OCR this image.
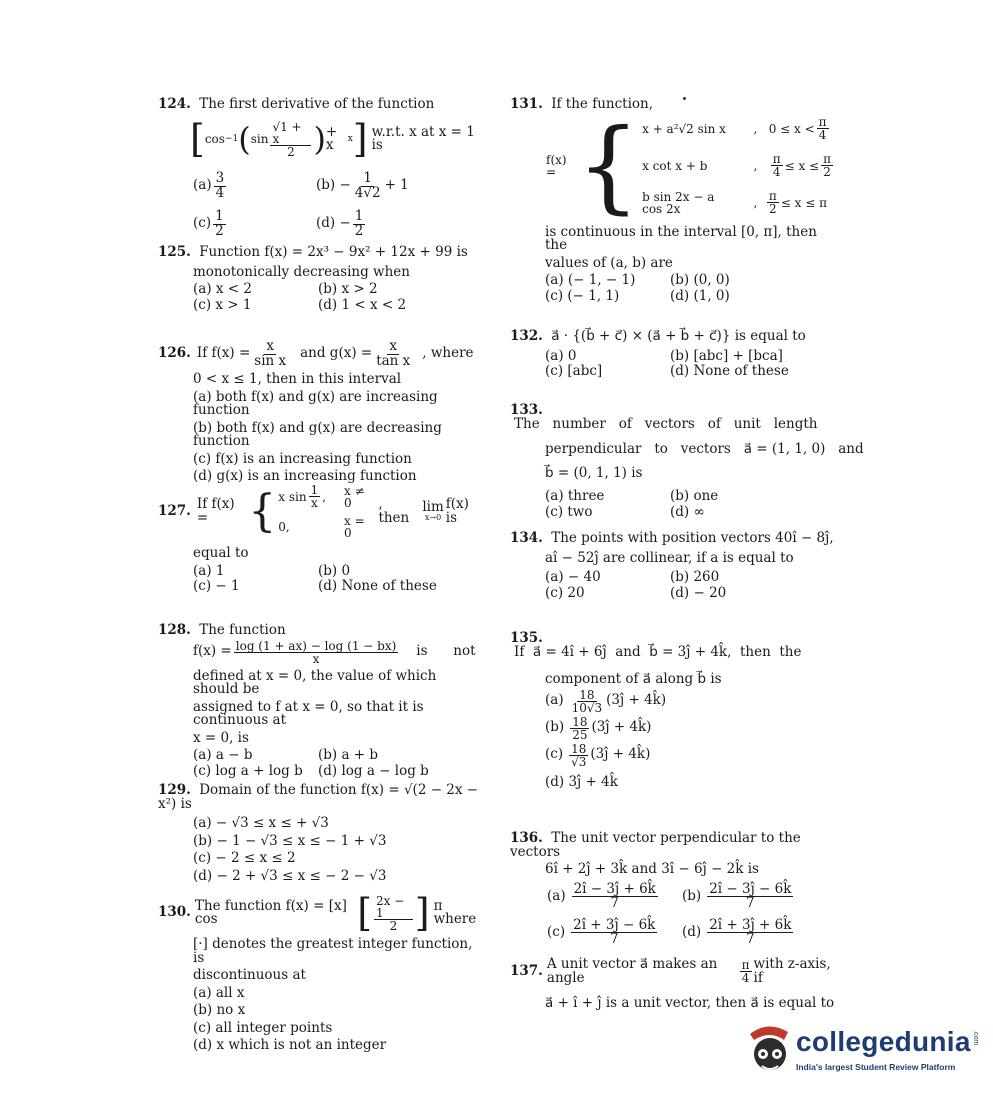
124. The first derivative of the function
[ cos −1 ( $\sin \frac{√1 + x}{2}$ ) + x	x ] w.r.t. x at x = 1 is
$(a) \frac{3}{4}$	$(b) - \frac{1}{4√2} + 1$
$(c) \frac{1}{2}$	$(d) - \frac{1}{2}$
125. Function f(x) = 2x³ − 9x² + 12x + 99 is
monotonically decreasing when
(a) x < 2	(b) x > 2
(c) x > 1	(d) 1 < x < 2
126. If $f(x) = \frac{x}{\text{sin x}}$ and $g(x) = \frac{x}{\text{tan x}}$ , where
0 < x ≤ 1, then in this interval
(a) both f(x) and g(x) are increasing function
(b) both f(x) and g(x) are decreasing function
(c) f(x) is an increasing function
(d) g(x) is an increasing function
127. If f(x) = { x $\sin \frac{1}{x}$ , x ≠ 0
0,	x = 0
, then
lim
x→0
f(x) is
equal to
(a) 1	(b) 0
(c) − 1	(d) None of these
128. The function
$f(x) = \frac{\log (1 + ax) - \log (1 - bx)}{x}$ is      not
defined at x = 0, the value of which should be
assigned to f at x = 0, so that it is continuous at
x = 0, is
(a) a − b	(b) a + b
(c) log a + log b	(d) log a − log b
129. Domain of the function f(x) = √(2 − 2x − x²) is
(a) − √3 ≤ x ≤ + √3
(b) − 1 − √3 ≤ x ≤ − 1 + √3
(c) − 2 ≤ x ≤ 2
(d) − 2 + √3 ≤ x ≤ − 2 − √3
130. The function f(x) = [x] cos	[ $\frac{2x - 1}{2}$ ] π where
[·] denotes the greatest integer function, is
discontinuous at
(a) all x
(b) no x
(c) all integer points
(d) x which is not an integer
131. If the function,
f(x) = { x + a²√2 sin x	, $0 \le x < \frac{\pi}{4}$
x cot x + b	, $\frac{\pi}{4} \le x \le \frac{\pi}{2}$
b sin 2x − a cos 2x	, $\frac{\pi}{2} \le x \le \pi$
is continuous in the interval [0, π], then the
values of (a, b) are
(a) (− 1, − 1)	(b) (0, 0)
(c) (− 1, 1)	(d) (1, 0)
132. a⃗ · {(b⃗ + c⃗) × (a⃗ + b⃗ + c⃗)} is equal to
(a) 0	(b) [abc] + [bca]
(c) [abc]	(d) None of these
133. The   number   of   vectors   of   unit   length
perpendicular   to   vectors   a⃗ = (1, 1, 0)   and
b⃗ = (0, 1, 1) is
(a) three	(b) one
(c) two	(d) ∞
134. The points with position vectors 40î − 8ĵ,
aî − 52ĵ are collinear, if a is equal to
(a) − 40	(b) 260
(c) 20	(d) − 20
135. If  a⃗ = 4î + 6ĵ  and  b⃗ = 3ĵ + 4k̂,  then  the
component of a⃗ along b⃗ is
$(a) \frac{18}{10√3}$ (3ĵ + 4k̂)
$(b) \frac{18}{25}$ (3ĵ + 4k̂)
$(c) \frac{18}{√3}$ (3ĵ + 4k̂)
(d) 3ĵ + 4k̂
136. The unit vector perpendicular to the vectors
6î + 2ĵ + 3k̂ and 3î − 6ĵ − 2k̂ is
$(a) \frac{2î - 3ĵ + 6k̂}{7} (b) \frac{2î - 3ĵ - 6k̂}{7}$
$(c) \frac{2î + 3ĵ - 6k̂}{7} (d) \frac{2î + 3ĵ + 6k̂}{7}$
137. A unit vector a⃗ makes an angle	$\frac{\pi}{4}$ with z-axis, if
a⃗ + î + ĵ is a unit vector, then a⃗ is equal to
collegedunia .com
India's largest Student Review Platform
